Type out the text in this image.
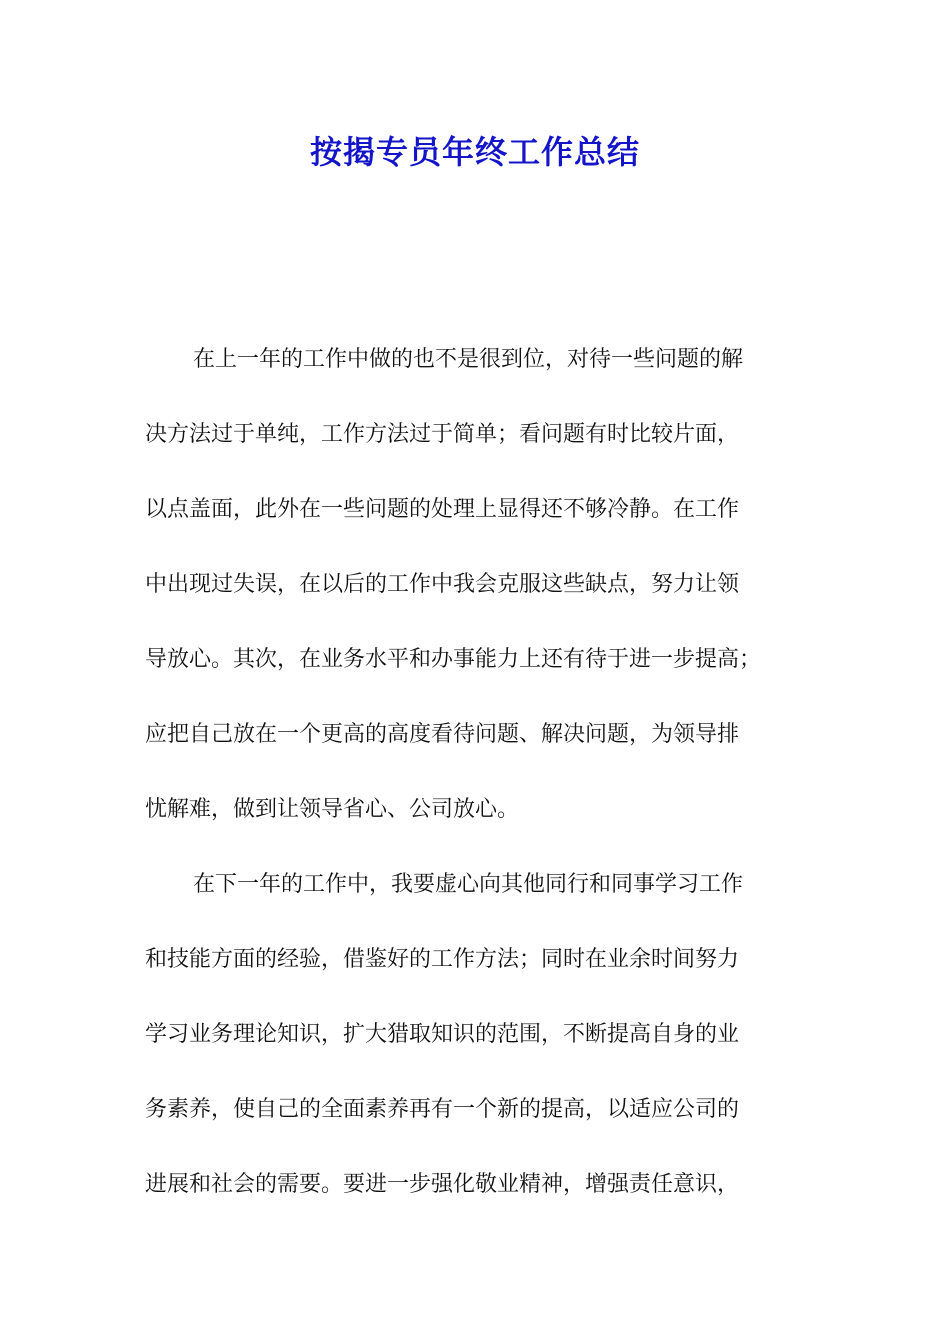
按揭专员年终工作总结
在上一年的工作中做的也不是很到位，对待一些问题的解
决方法过于单纯，工作方法过于简单；看问题有时比较片面，
以点盖面，此外在一些问题的处理上显得还不够冷静。在工作
中出现过失误，在以后的工作中我会克服这些缺点，努力让领
导放心。其次，在业务水平和办事能力上还有待于进一步提高；
应把自己放在一个更高的高度看待问题、解决问题，为领导排
忧解难，做到让领导省心、公司放心。
在下一年的工作中，我要虚心向其他同行和同事学习工作
和技能方面的经验，借鉴好的工作方法；同时在业余时间努力
学习业务理论知识，扩大猎取知识的范围，不断提高自身的业
务素养，使自己的全面素养再有一个新的提高，以适应公司的
进展和社会的需要。要进一步强化敬业精神，增强责任意识，
